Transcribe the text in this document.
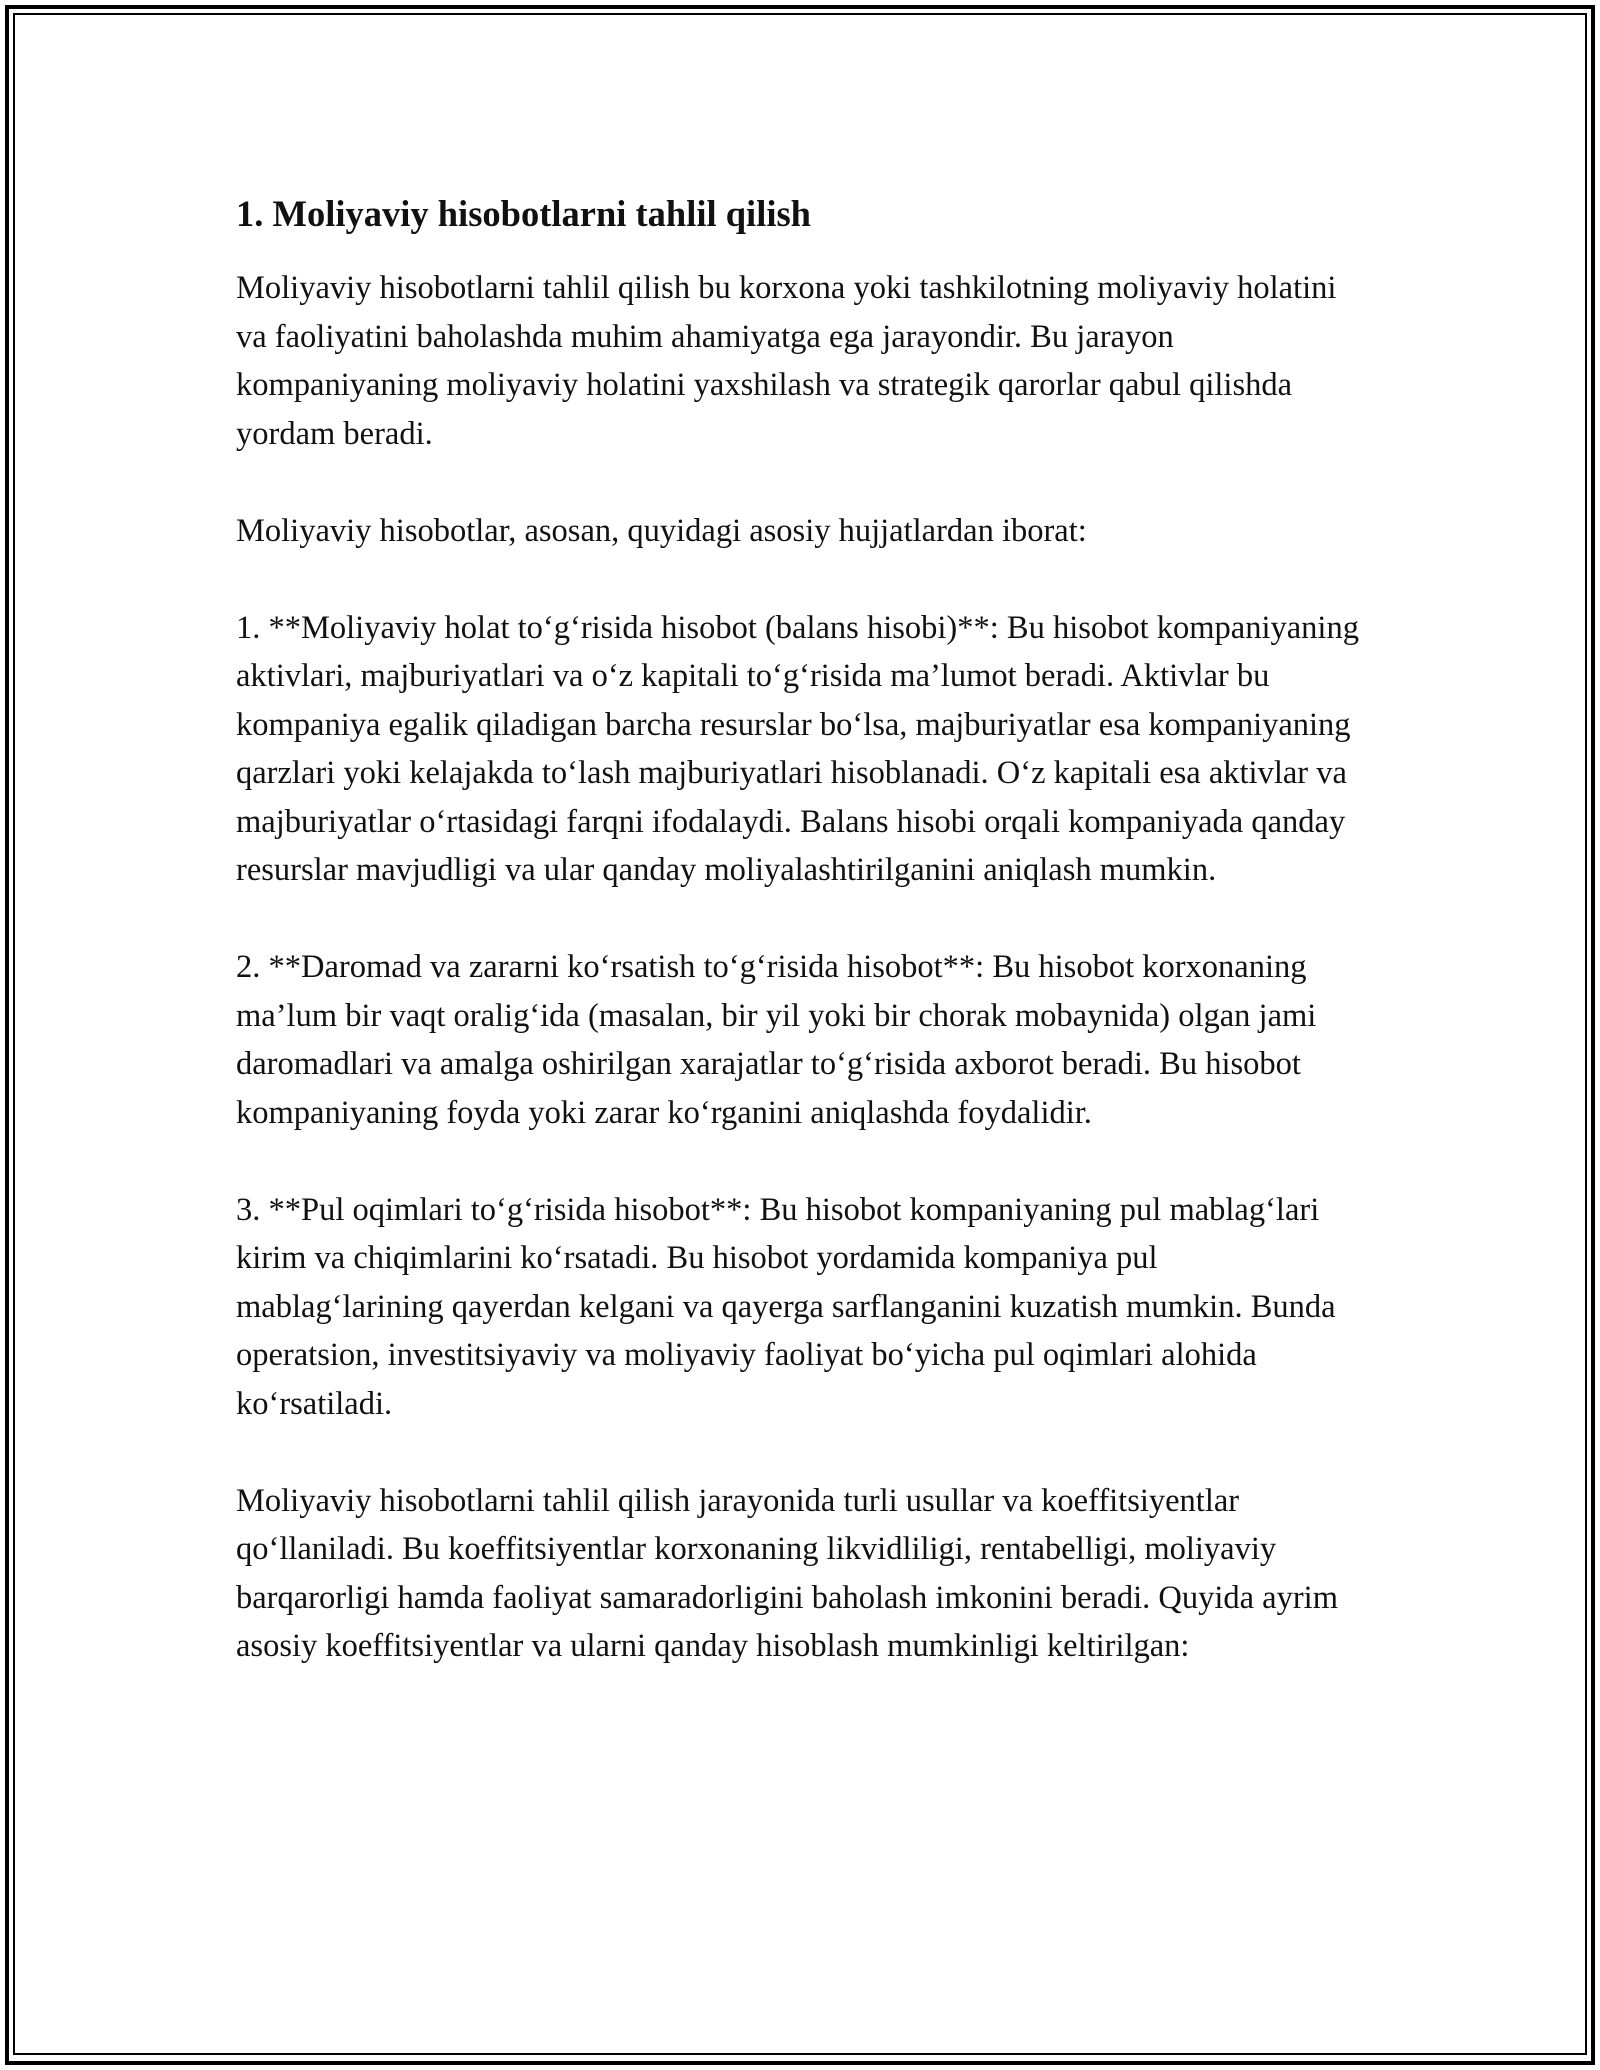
1. Moliyaviy hisobotlarni tahlil qilish

Moliyaviy hisobotlarni tahlil qilish bu korxona yoki tashkilotning moliyaviy holatini va faoliyatini baholashda muhim ahamiyatga ega jarayondir. Bu jarayon kompaniyaning moliyaviy holatini yaxshilash va strategik qarorlar qabul qilishda yordam beradi.

Moliyaviy hisobotlar, asosan, quyidagi asosiy hujjatlardan iborat:

1. **Moliyaviy holat to‘g‘risida hisobot (balans hisobi)**: Bu hisobot kompaniyaning aktivlari, majburiyatlari va o‘z kapitali to‘g‘risida ma’lumot beradi. Aktivlar bu kompaniya egalik qiladigan barcha resurslar bo‘lsa, majburiyatlar esa kompaniyaning qarzlari yoki kelajakda to‘lash majburiyatlari hisoblanadi. O‘z kapitali esa aktivlar va majburiyatlar o‘rtasidagi farqni ifodalaydi. Balans hisobi orqali kompaniyada qanday resurslar mavjudligi va ular qanday moliyalashtirilganini aniqlash mumkin.

2. **Daromad va zararni ko‘rsatish to‘g‘risida hisobot**: Bu hisobot korxonaning ma’lum bir vaqt oralig‘ida (masalan, bir yil yoki bir chorak mobaynida) olgan jami daromadlari va amalga oshirilgan xarajatlar to‘g‘risida axborot beradi. Bu hisobot kompaniyaning foyda yoki zarar ko‘rganini aniqlashda foydalidir.

3. **Pul oqimlari to‘g‘risida hisobot**: Bu hisobot kompaniyaning pul mablag‘lari kirim va chiqimlarini ko‘rsatadi. Bu hisobot yordamida kompaniya pul mablag‘larining qayerdan kelgani va qayerga sarflanganini kuzatish mumkin. Bunda operatsion, investitsiyaviy va moliyaviy faoliyat bo‘yicha pul oqimlari alohida ko‘rsatiladi.

Moliyaviy hisobotlarni tahlil qilish jarayonida turli usullar va koeffitsiyentlar qo‘llaniladi. Bu koeffitsiyentlar korxonaning likvidliligi, rentabelligi, moliyaviy barqarorligi hamda faoliyat samaradorligini baholash imkonini beradi. Quyida ayrim asosiy koeffitsiyentlar va ularni qanday hisoblash mumkinligi keltirilgan:
